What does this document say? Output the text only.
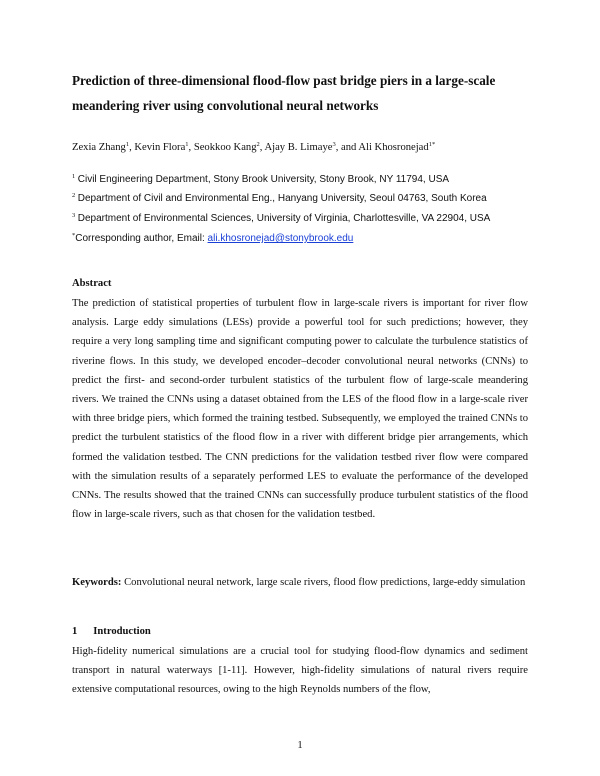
Prediction of three-dimensional flood-flow past bridge piers in a large-scale meandering river using convolutional neural networks
Zexia Zhang$^1$, Kevin Flora$^1$, Seokkoo Kang$^2$, Ajay B. Limaye$^3$, and Ali Khosronejad$^{1*}$
$^1$ Civil Engineering Department, Stony Brook University, Stony Brook, NY 11794, USA
$^2$ Department of Civil and Environmental Eng., Hanyang University, Seoul 04763, South Korea
$^3$ Department of Environmental Sciences, University of Virginia, Charlottesville, VA 22904, USA
*Corresponding author, Email: ali.khosronejad@stonybrook.edu
Abstract
The prediction of statistical properties of turbulent flow in large-scale rivers is important for river flow analysis. Large eddy simulations (LESs) provide a powerful tool for such predictions; however, they require a very long sampling time and significant computing power to calculate the turbulence statistics of riverine flows. In this study, we developed encoder–decoder convolutional neural networks (CNNs) to predict the first- and second-order turbulent statistics of the turbulent flow of large-scale meandering rivers. We trained the CNNs using a dataset obtained from the LES of the flood flow in a large-scale river with three bridge piers, which formed the training testbed. Subsequently, we employed the trained CNNs to predict the turbulent statistics of the flood flow in a river with different bridge pier arrangements, which formed the validation testbed. The CNN predictions for the validation testbed river flow were compared with the simulation results of a separately performed LES to evaluate the performance of the developed CNNs. The results showed that the trained CNNs can successfully produce turbulent statistics of the flood flow in large-scale rivers, such as that chosen for the validation testbed.
Keywords: Convolutional neural network, large scale rivers, flood flow predictions, large-eddy simulation
1 Introduction
High-fidelity numerical simulations are a crucial tool for studying flood-flow dynamics and sediment transport in natural waterways [1-11]. However, high-fidelity simulations of natural rivers require extensive computational resources, owing to the high Reynolds numbers of the flow,
1
